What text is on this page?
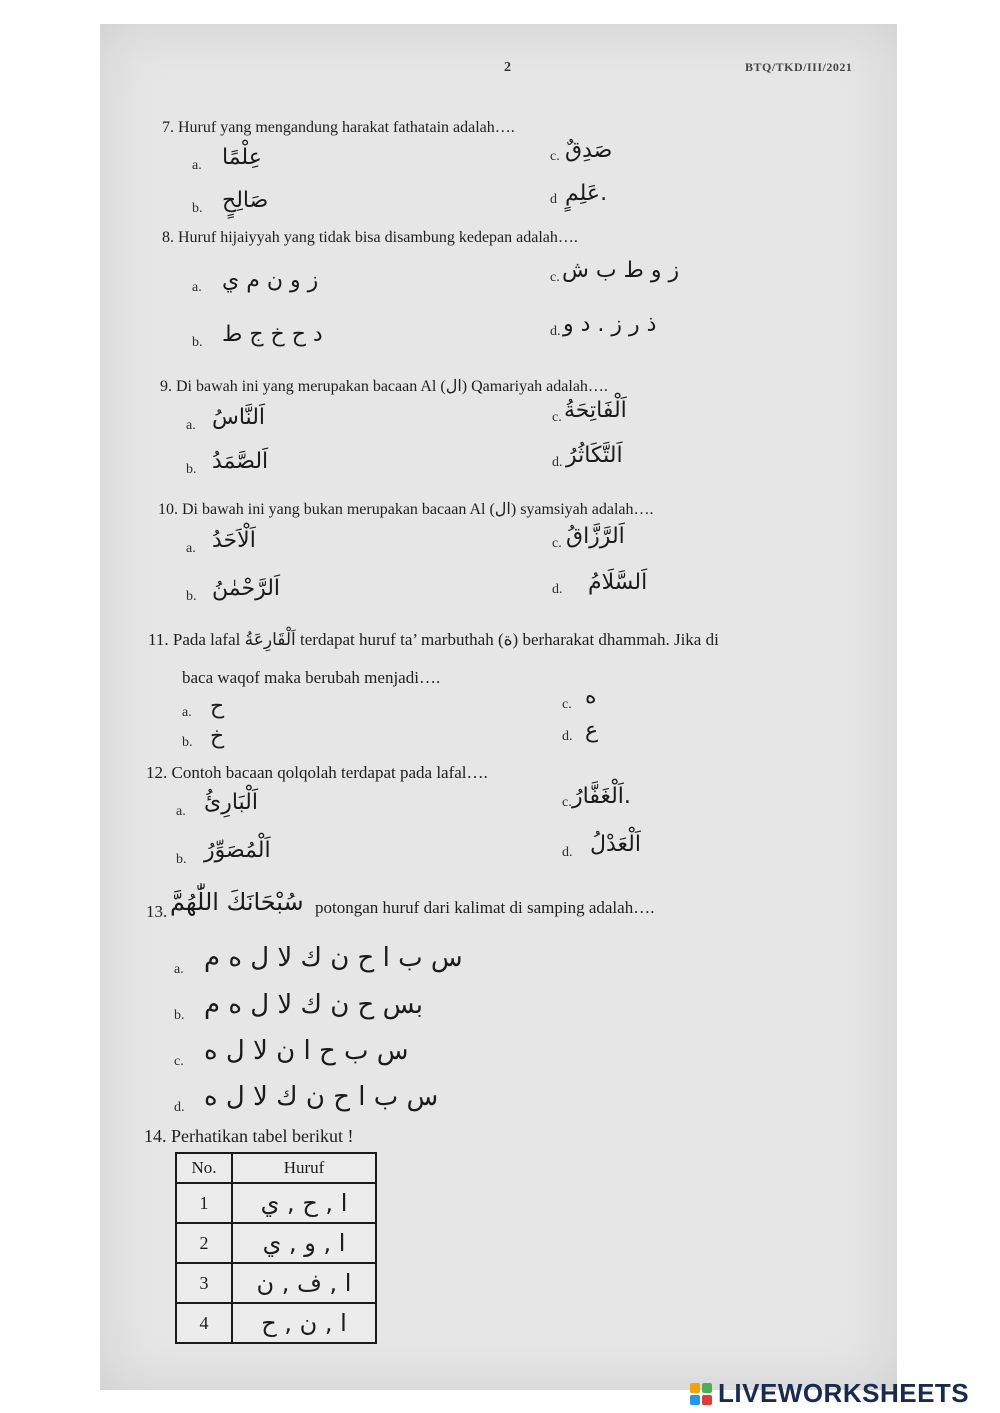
2	BTQ/TKD/III/2021
7. Huruf yang mengandung harakat fathatain adalah….
a. عِلْمًا	c. صَدِقٌ
b. صَالِحٍ	d عَلِمٍ.
8. Huruf hijaiyyah yang tidak bisa disambung kedepan adalah….
a. ز و ن م ي	c. ز و ط ب ش
b. د ح خ ج ط	d. ذ ر ز . د و
9. Di bawah ini yang merupakan bacaan Al (ال) Qamariyah adalah….
a. اَلنَّاسُ	c. اَلْفَاتِحَةُ
b. اَلصَّمَدُ	d. اَلتَّكَاثُرُ
10. Di bawah ini yang bukan merupakan bacaan Al (ال) syamsiyah adalah….
a. اَلْاَحَدُ	c. اَلرَّزَّاقُ
b. اَلرَّحْمٰنُ	d. اَلسَّلَامُ
11. Pada lafal اَلْقَارِعَةُ terdapat huruf ta’ marbuthah (ة) berharakat dhammah. Jika di
baca waqof maka berubah menjadi….
a. ح	c. ه
b. خ	d. ع
12. Contoh bacaan qolqolah terdapat pada lafal….
a. اَلْبَارِئُ	c. اَلْغَفَّارُ.
b. اَلْمُصَوِّرُ	d. اَلْعَدْلُ
13. سُبْحَانَكَ اللّٰهُمَّ potongan huruf dari kalimat di samping adalah….
a. س ب ا ح ن ك لا ل ه م
b. بس ح ن ك لا ل ه م
c. س ب ح ا ن لا ل ه
d. س ب ا ح ن ك لا ل ه
14. Perhatikan tabel berikut !
No.	Huruf
1	ا , ح , ي
2	ا , و , ي
3	ا , ف , ن
4	ا , ن , ح
LIVEWORKSHEETS
